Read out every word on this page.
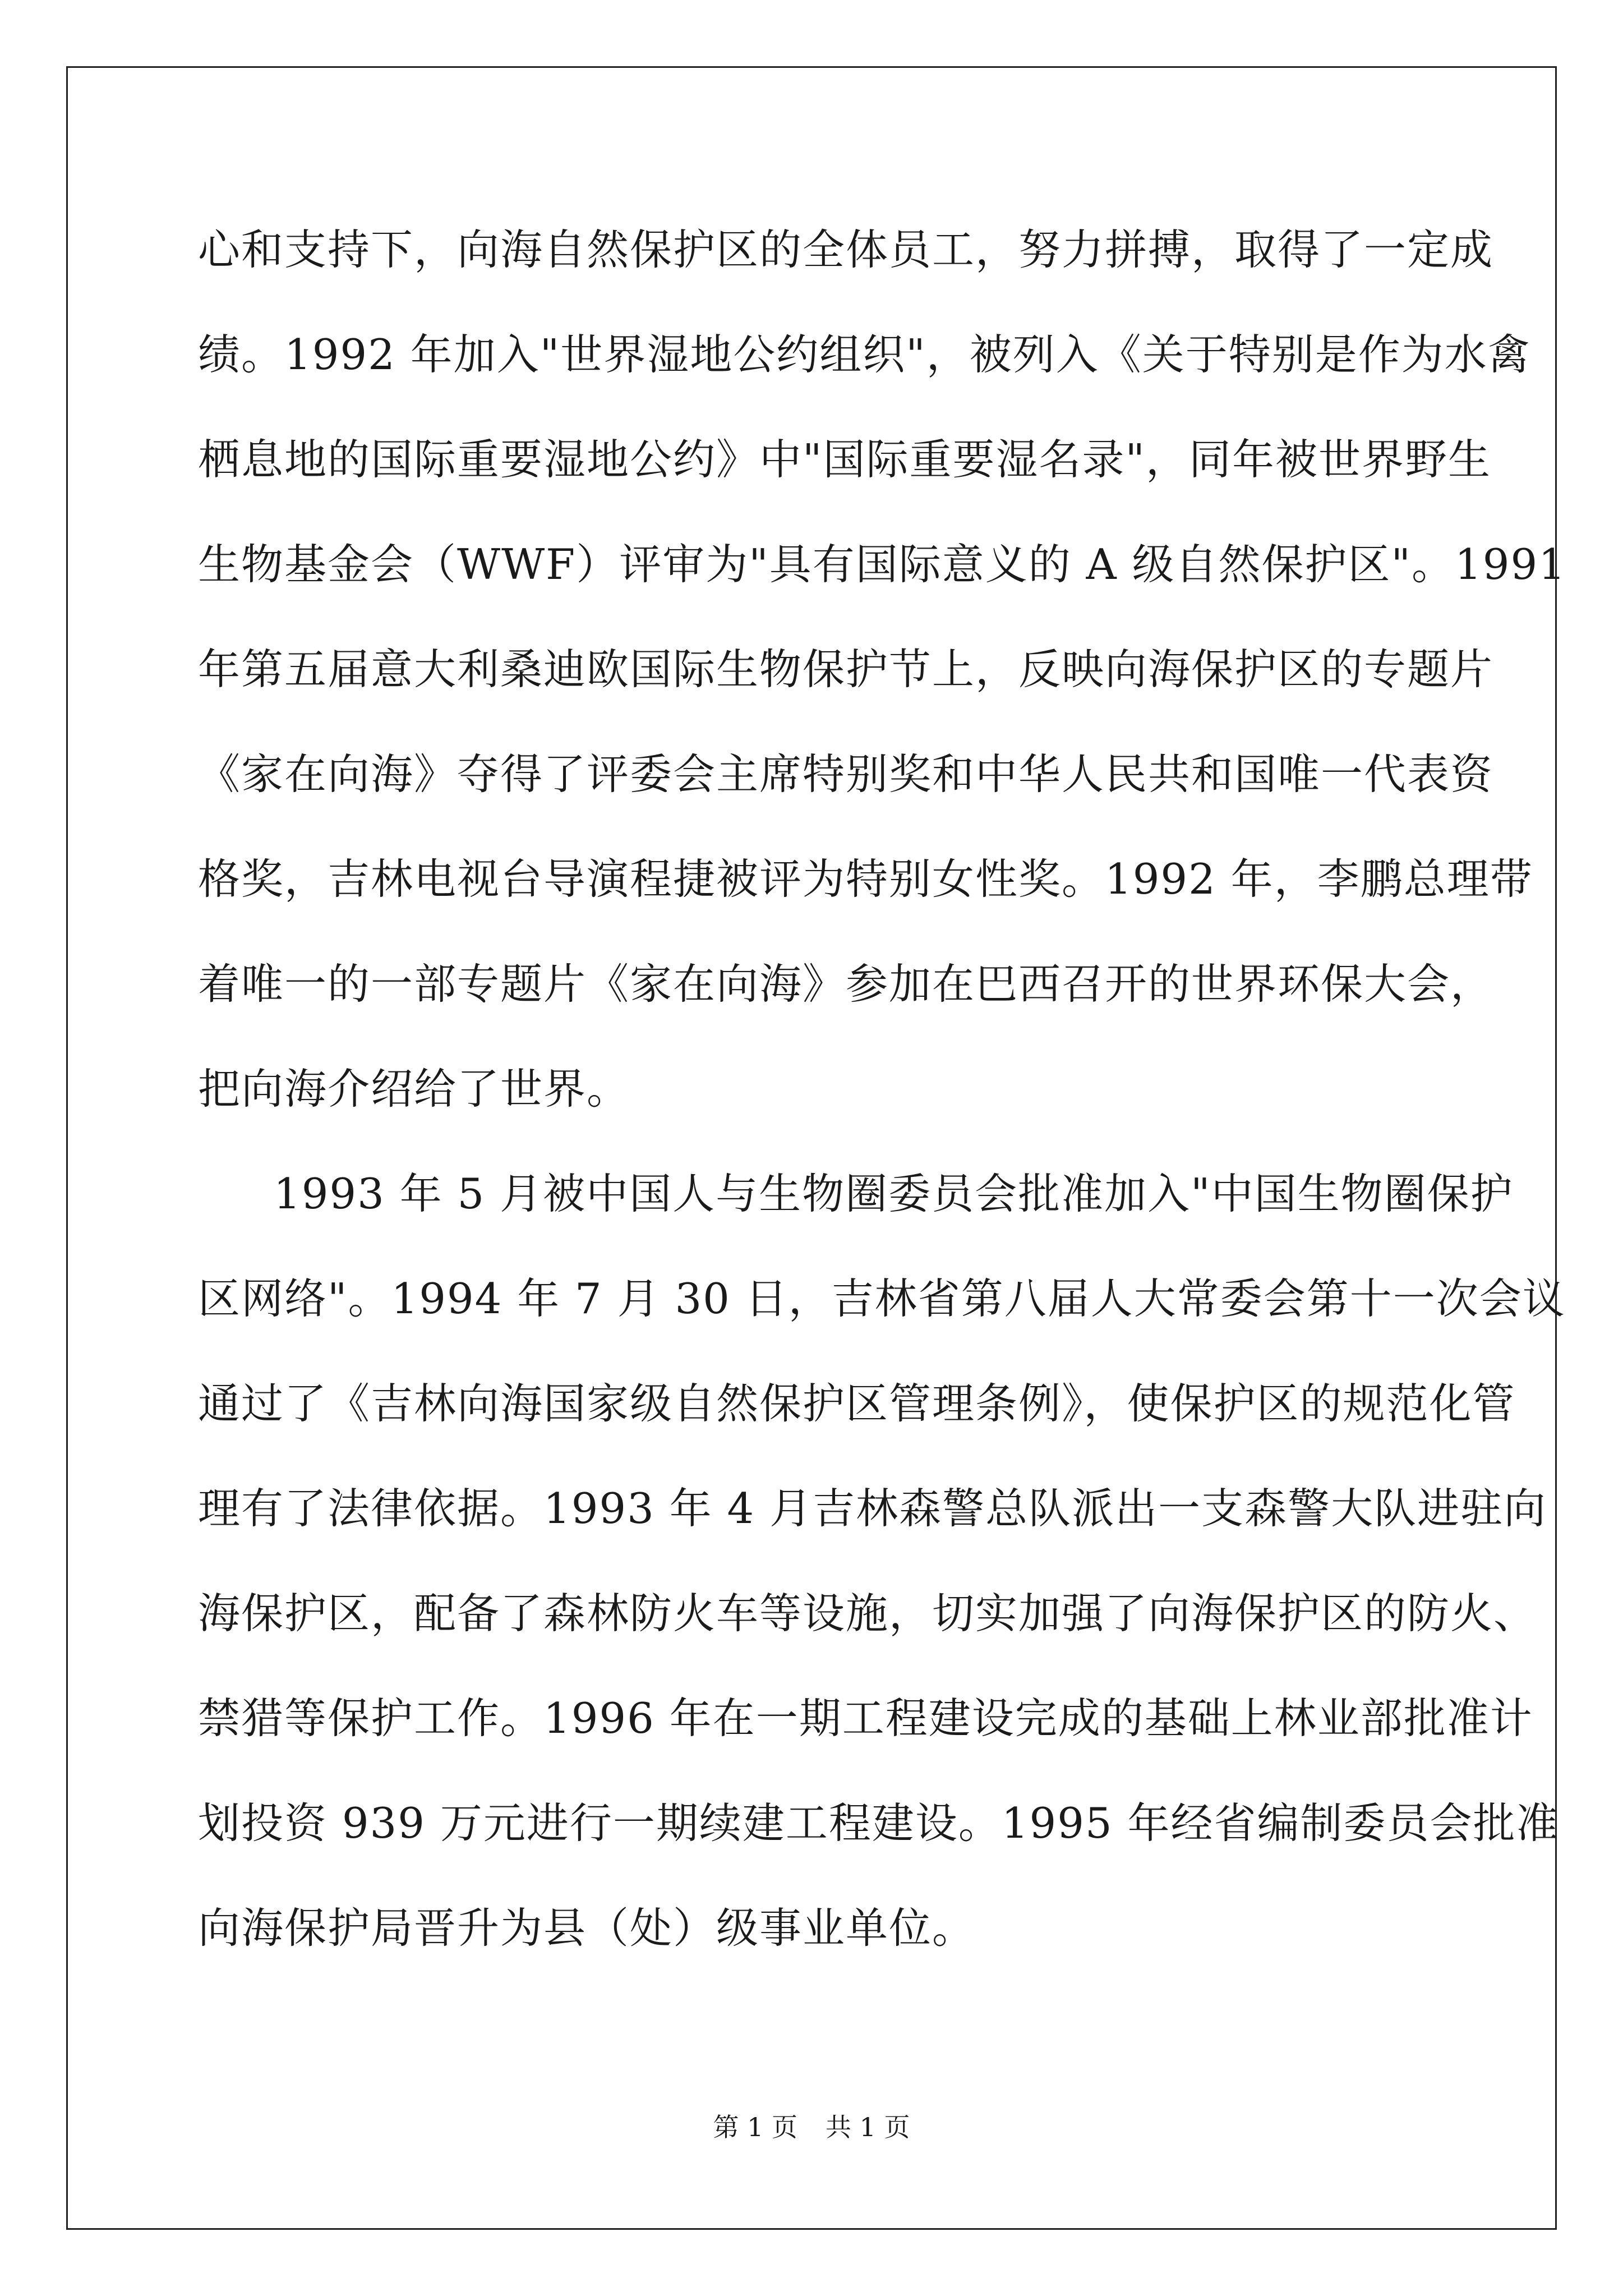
心和支持下，向海自然保护区的全体员工，努力拼搏，取得了一定成
绩。1992 年加入"世界湿地公约组织"，被列入《关于特别是作为水禽
栖息地的国际重要湿地公约》中"国际重要湿名录"，同年被世界野生
生物基金会（WWF）评审为"具有国际意义的 A 级自然保护区"。1991
年第五届意大利桑迪欧国际生物保护节上，反映向海保护区的专题片
《家在向海》夺得了评委会主席特别奖和中华人民共和国唯一代表资
格奖，吉林电视台导演程捷被评为特别女性奖。1992 年，李鹏总理带
着唯一的一部专题片《家在向海》参加在巴西召开的世界环保大会，
把向海介绍给了世界。
1993 年 5 月被中国人与生物圈委员会批准加入"中国生物圈保护
区网络"。1994 年 7 月 30 日，吉林省第八届人大常委会第十一次会议
通过了《吉林向海国家级自然保护区管理条例》，使保护区的规范化管
理有了法律依据。1993 年 4 月吉林森警总队派出一支森警大队进驻向
海保护区，配备了森林防火车等设施，切实加强了向海保护区的防火、
禁猎等保护工作。1996 年在一期工程建设完成的基础上林业部批准计
划投资 939 万元进行一期续建工程建设。1995 年经省编制委员会批准
向海保护局晋升为县（处）级事业单位。
第 1 页 共 1 页
